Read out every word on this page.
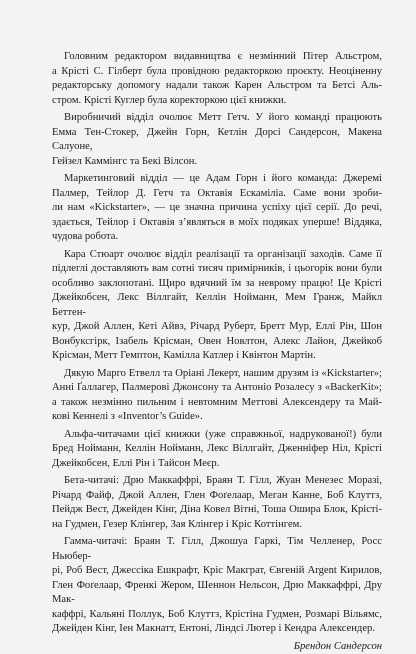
Головним редактором видавництва є незмінний Пітер Альстром,
а Крісті С. Гілберт була провідною редакторкою проєкту. Неоціненну
редакторську допомогу надали також Карен Альстром та Бетсі Аль-
стром. Крісті Куглер була коректоркою цієї книжки.

Виробничий відділ очолює Метт Гетч. У його команді працюють
Емма Тен-Стокер, Джейн Горн, Кетлін Дорсі Сандерсон, Макена Салуоне,
Гейзел Каммінгс та Бекі Вілсон.

Маркетинговий відділ — це Адам Горн і його команда: Джеремі
Палмер, Тейлор Д. Гетч та Октавія Ескаміліа. Саме вони зроби-
ли нам «Kickstarter», — це значна причина успіху цієї серії. До речі,
здається, Тейлор і Октавія з’являться в моїх подяках уперше! Віддяка,
чудова робота.

Кара Стюарт очолює відділ реалізації та організації заходів. Саме її
підлеглі доставляють вам сотні тисяч примірників, і цьогорік вони були
особливо заклопотані. Щиро вдячний їм за неврому працю! Це Крісті
Джейкобсен, Лекс Віллгайт, Келлін Нойманн, Мем Гранж, Майкл Беттен-
кур, Джой Аллен, Кеті Айвз, Річард Руберт, Бретт Мур, Еллі Рін, Шон
Вонбуксгірк, Ізабель Крісман, Овен Новлтон, Алекс Лайон, Джейкоб
Крісман, Метт Гемптон, Камілла Катлер і Квінтон Мартін.

Дякую Марго Етвелл та Оріані Лекерт, нашим друзям із «Kickstarter»;
Анні Ґаллагер, Палмерові Джонсону та Антоніо Розалесу з «BackerKit»;
а також незмінно пильним і невтомним Меттові Алексендеру та Май-
кові Кеннелі з «Inventor’s Guide».

Альфа-читачами цієї книжки (уже справжньої, надрукованої!) були
Бред Нойманн, Келлін Нойманн, Лекс Віллгайт, Дженніфер Ніл, Крісті
Джейкобсен, Еллі Рін і Тайсон Меєр.

Бета-читачі: Дрю Маккаффрі, Браян Т. Гілл, Жуан Менезес Моразі,
Річард Файф, Джой Аллен, Глен Фоґелаар, Меган Канне, Боб Клуттз,
Пейдж Вест, Джейден Кінг, Діна Ковел Вітні, Тоша Ошира Блок, Крісті-
на Гудмен, Гезер Клінгер, Зая Клінгер і Кріс Коттінгем.

Гамма-читачі: Браян Т. Гілл, Джошуа Гаркі, Тім Челленер, Росс Ньюбер-
рі, Роб Вест, Джессіка Ешкрафт, Кріс Макграт, Євгеній Argent Кирилов,
Глен Фоґелаар, Френкі Жером, Шеннон Нельсон, Дрю Маккаффрі, Дру Мак-
каффрі, Кальяні Поллук, Боб Клуттз, Крістіна Гудмен, Розмарі Вільямс,
Джейден Кінг, Іен Макнатт, Ентоні, Ліндсі Лютер і Кендра Алексендер.

Брендон Сандерсон
